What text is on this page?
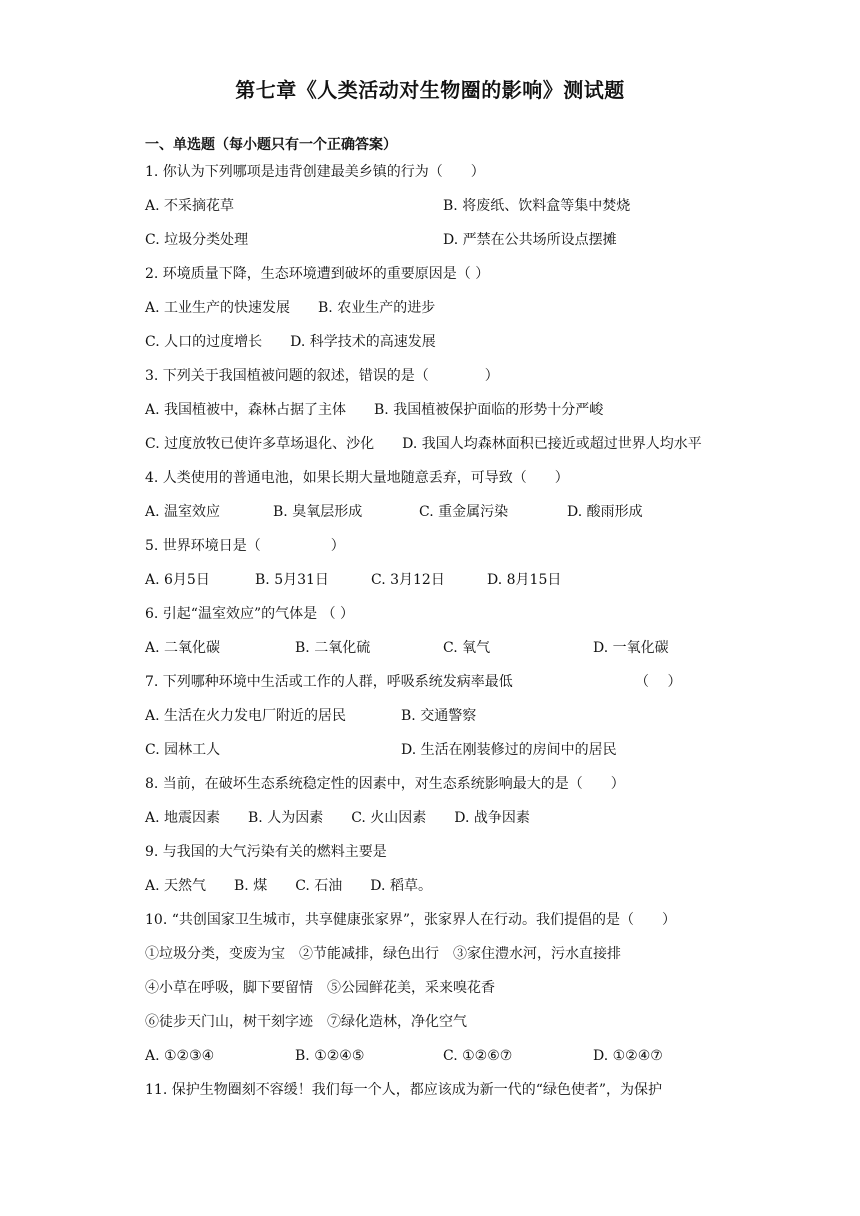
第七章《人类活动对生物圈的影响》测试题
一、单选题（每小题只有一个正确答案）
1. 你认为下列哪项是违背创建最美乡镇的行为（　　）
A. 不采摘花草	B. 将废纸、饮料盒等集中焚烧
C. 垃圾分类处理	D. 严禁在公共场所设点摆摊
2. 环境质量下降，生态环境遭到破坏的重要原因是（ ）
A. 工业生产的快速发展　　B. 农业生产的进步
C. 人口的过度增长　　D. 科学技术的高速发展
3. 下列关于我国植被问题的叙述，错误的是（　　　　）
A. 我国植被中，森林占据了主体　　B. 我国植被保护面临的形势十分严峻
C. 过度放牧已使许多草场退化、沙化　　D. 我国人均森林面积已接近或超过世界人均水平
4. 人类使用的普通电池，如果长期大量地随意丢弃，可导致（　　）
A. 温室效应	B. 臭氧层形成	C. 重金属污染	D. 酸雨形成
5. 世界环境日是（　　　　　）
A. 6月5日	B. 5月31日	C. 3月12日	D. 8月15日
6. 引起“温室效应”的气体是 （ ）
A. 二氧化碳	B. 二氧化硫	C. 氧气	D. 一氧化碳
7. 下列哪种环境中生活或工作的人群，呼吸系统发病率最低	（　 ）
A. 生活在火力发电厂附近的居民	B. 交通警察
C. 园林工人	D. 生活在刚装修过的房间中的居民
8. 当前，在破坏生态系统稳定性的因素中，对生态系统影响最大的是（　　）
A. 地震因素　　B. 人为因素　　C. 火山因素　　D. 战争因素
9. 与我国的大气污染有关的燃料主要是
A. 天然气　　B. 煤　　C. 石油　　D. 稻草。
10. “共创国家卫生城市，共享健康张家界”，张家界人在行动。我们提倡的是（　　）
①垃圾分类，变废为宝　②节能减排，绿色出行　③家住澧水河，污水直接排
④小草在呼吸，脚下要留情　⑤公园鲜花美，采来嗅花香
⑥徒步天门山，树干刻字迹　⑦绿化造林，净化空气
A. ①②③④	B. ①②④⑤	C. ①②⑥⑦	D. ①②④⑦
11. 保护生物圈刻不容缓！我们每一个人，都应该成为新一代的“绿色使者”，为保护
